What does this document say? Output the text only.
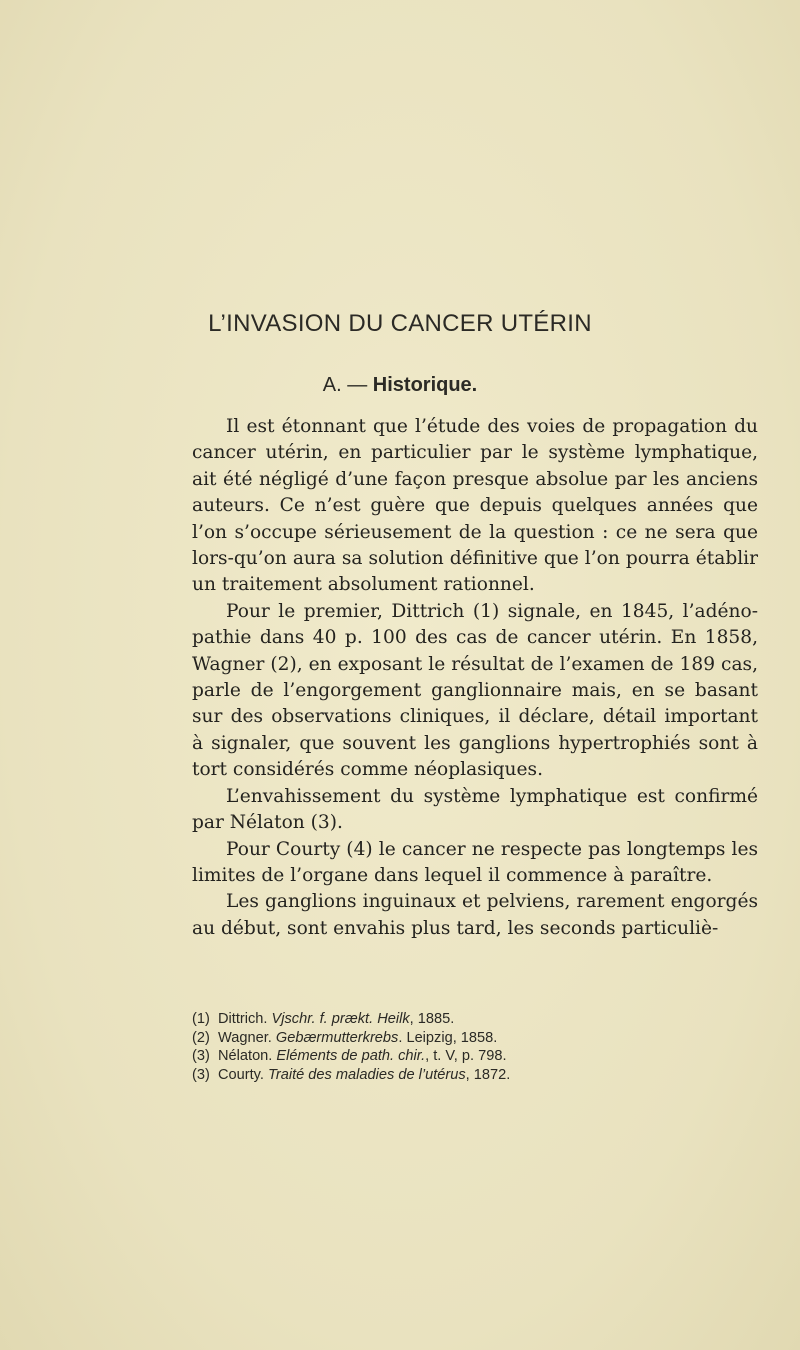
L’INVASION DU CANCER UTÉRIN
A. — Historique.

Il est étonnant que l’étude des voies de propagation du cancer utérin, en particulier par le système lymphatique, ait été négligé d’une façon presque absolue par les anciens auteurs. Ce n’est guère que depuis quelques années que l’on s’occupe sérieusement de la question : ce ne sera que lors-qu’on aura sa solution définitive que l’on pourra établir un traitement absolument rationnel.

Pour le premier, Dittrich (1) signale, en 1845, l’adéno-pathie dans 40 p. 100 des cas de cancer utérin. En 1858, Wagner (2), en exposant le résultat de l’examen de 189 cas, parle de l’engorgement ganglionnaire mais, en se basant sur des observations cliniques, il déclare, détail important à signaler, que souvent les ganglions hypertrophiés sont à tort considérés comme néoplasiques.

L’envahissement du système lymphatique est confirmé par Nélaton (3).

Pour Courty (4) le cancer ne respecte pas longtemps les limites de l’organe dans lequel il commence à paraître.

Les ganglions inguinaux et pelviens, rarement engorgés au début, sont envahis plus tard, les seconds particuliè-

(1) Dittrich. Vjschr. f. prækt. Heilk, 1885.
(2) Wagner. Gebærmutterkrebs. Leipzig, 1858.
(3) Nélaton. Eléments de path. chir., t. V, p. 798.
(3) Courty. Traité des maladies de l’utérus, 1872.
